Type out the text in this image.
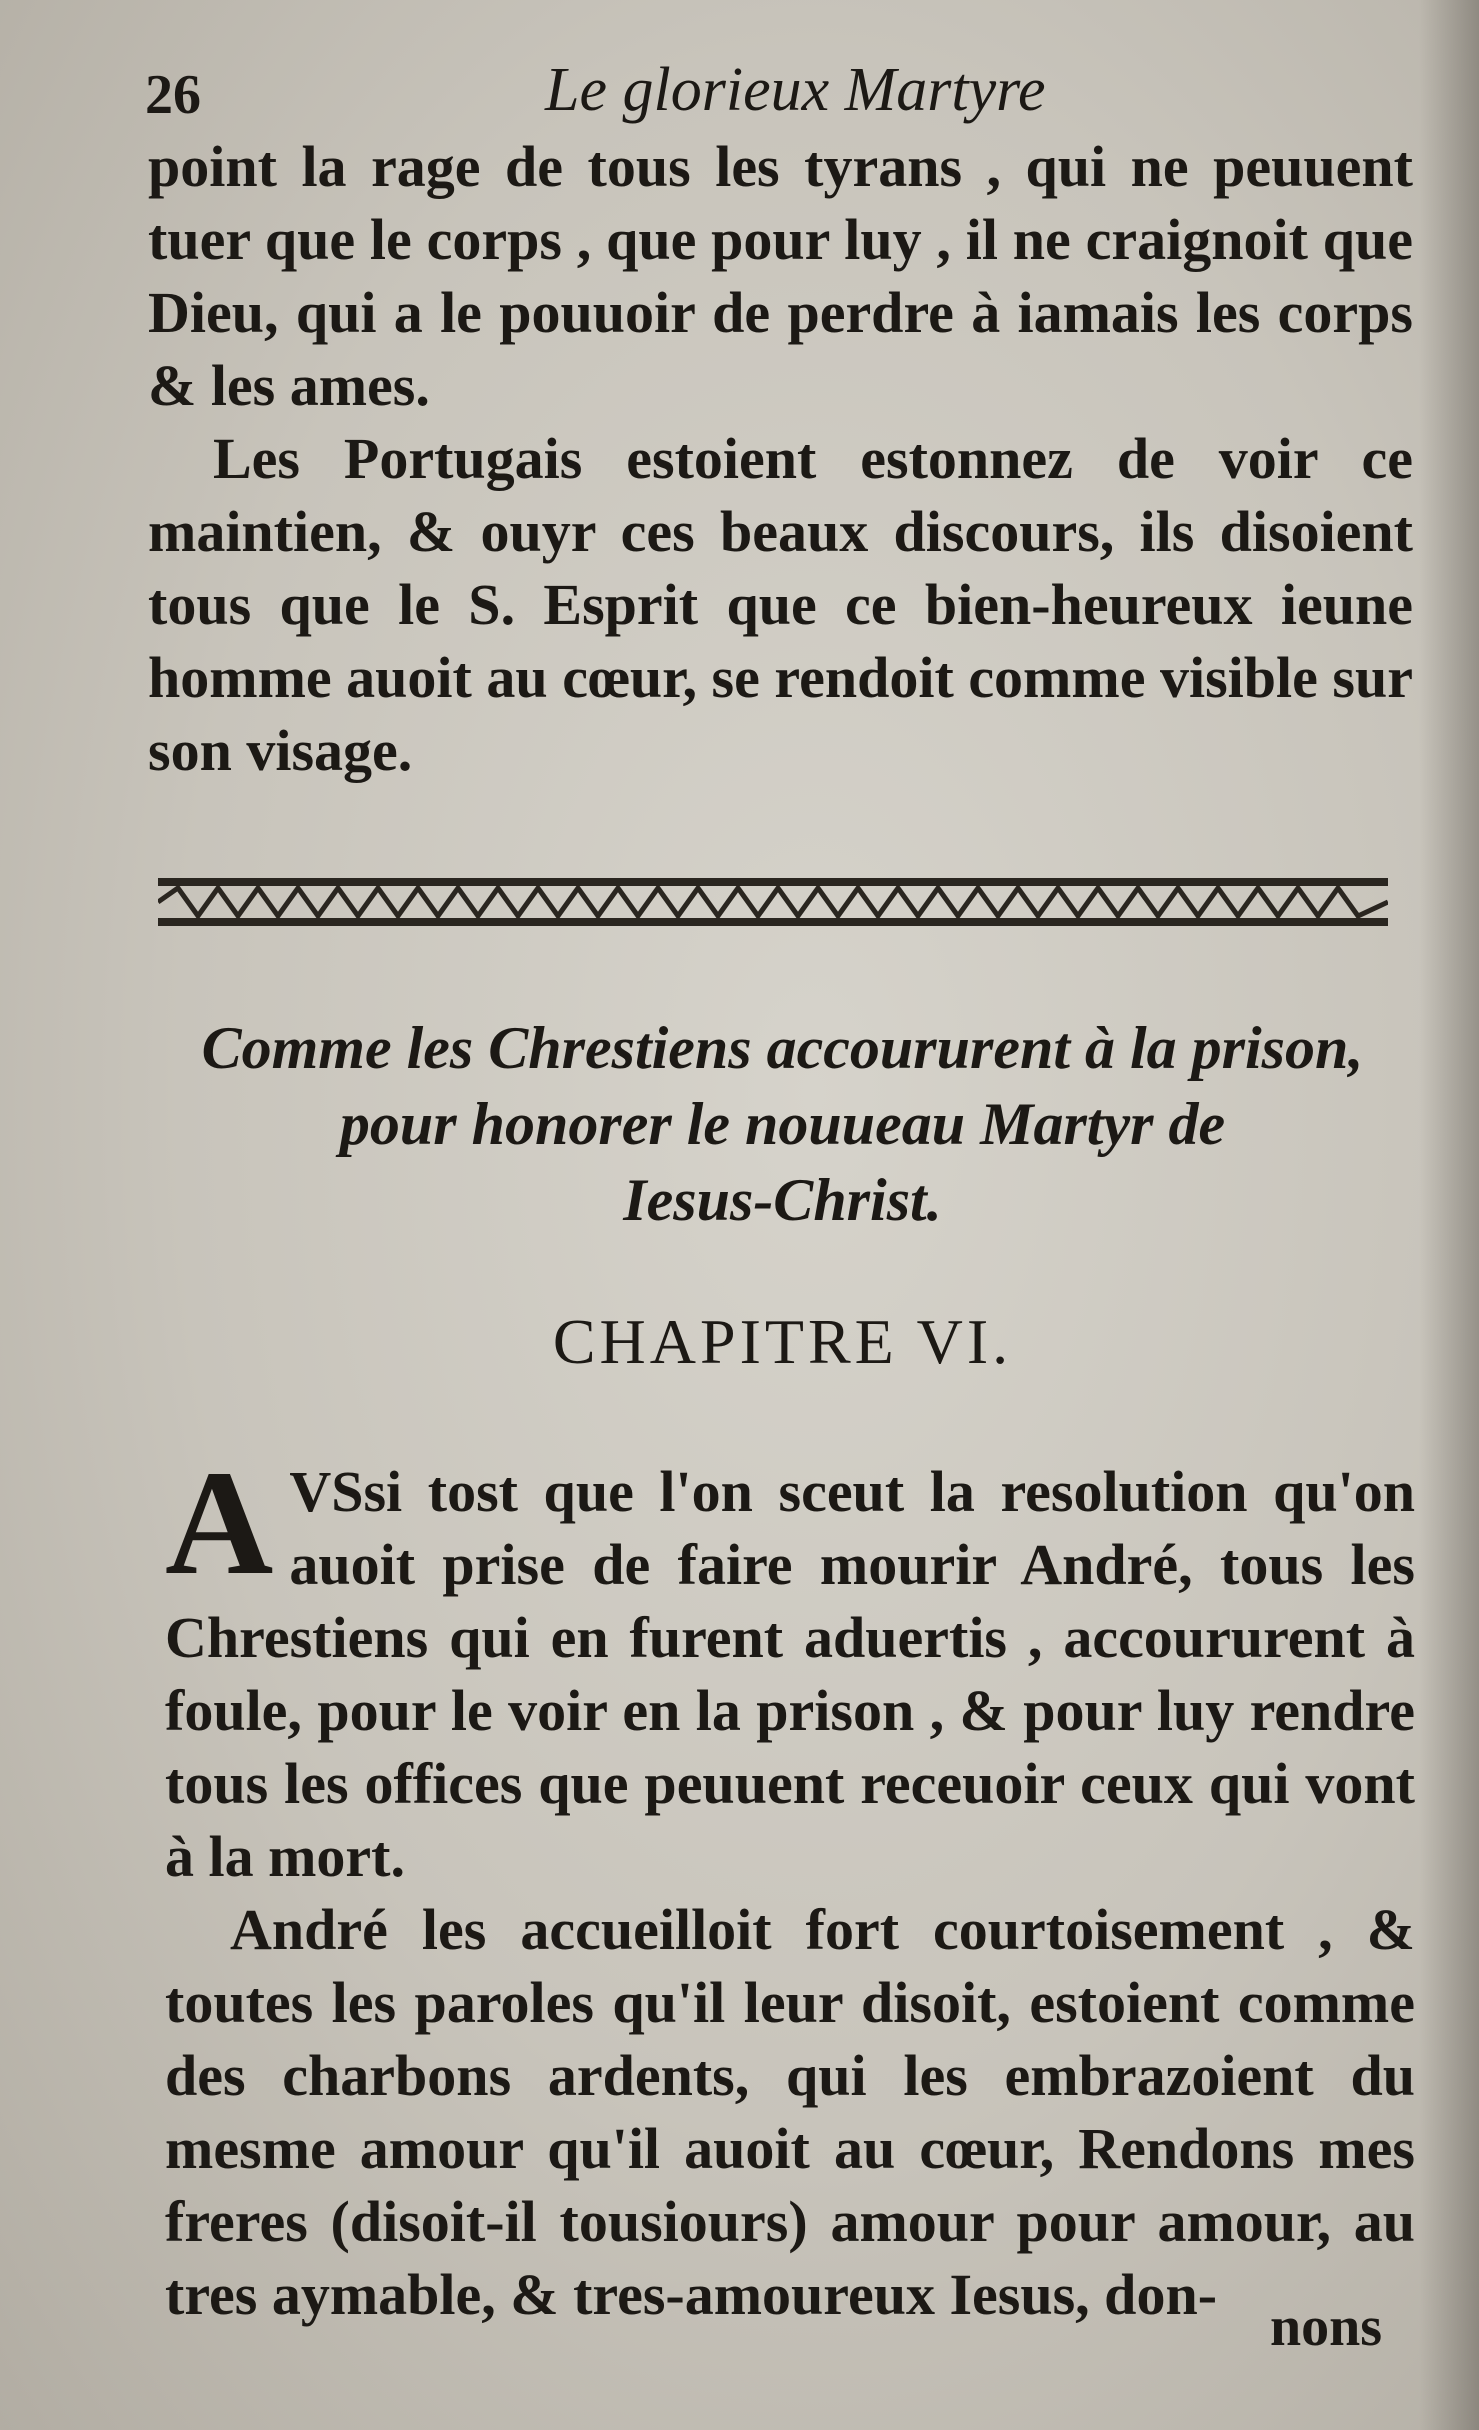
26	Le glorieux Martyre

point la rage de tous les tyrans , qui ne peuuent tuer que le corps , que pour luy , il ne craignoit que Dieu, qui a le pouuoir de perdre à iamais les corps & les ames.

Les Portugais estoient estonnez de voir ce maintien, & ouyr ces beaux discours, ils disoient tous que le S. Esprit que ce bien-heureux ieune homme auoit au cœur, se rendoit comme visible sur son visage.

Comme les Chrestiens accoururent à la prison,
pour honorer le nouueau Martyr de
Iesus-Christ.
CHAPITRE VI.

A VSsi tost que l'on sceut la resolution qu'on auoit prise de faire mourir André, tous les Chrestiens qui en furent aduertis , accoururent à foule, pour le voir en la prison , & pour luy rendre tous les offices que peuuent receuoir ceux qui vont à la mort.

André les accueilloit fort courtoisement , & toutes les paroles qu'il leur disoit, estoient comme des charbons ardents, qui les embrazoient du mesme amour qu'il auoit au cœur, Rendons mes freres (disoit-il tousiours) amour pour amour, au tres aymable, & tres-amoureux Iesus, don- nons
